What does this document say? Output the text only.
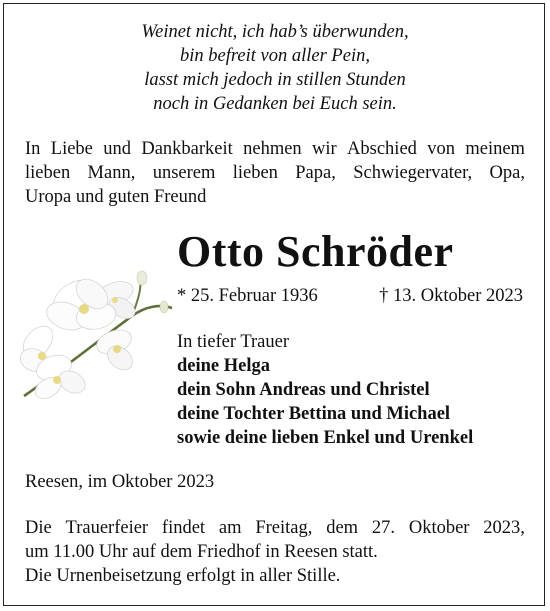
Weinet nicht, ich hab’s überwunden,
bin befreit von aller Pein,
lasst mich jedoch in stillen Stunden
noch in Gedanken bei Euch sein.
In Liebe und Dankbarkeit nehmen wir Abschied von meinem
lieben Mann, unserem lieben Papa, Schwiegervater, Opa,
Uropa und guten Freund
Otto Schröder
* 25. Februar 1936	† 13. Oktober 2023
In tiefer Trauer
deine Helga
dein Sohn Andreas und Christel
deine Tochter Bettina und Michael
sowie deine lieben Enkel und Urenkel
Reesen, im Oktober 2023
Die Trauerfeier findet am Freitag, dem 27. Oktober 2023,
um 11.00 Uhr auf dem Friedhof in Reesen statt.
Die Urnenbeisetzung erfolgt in aller Stille.
